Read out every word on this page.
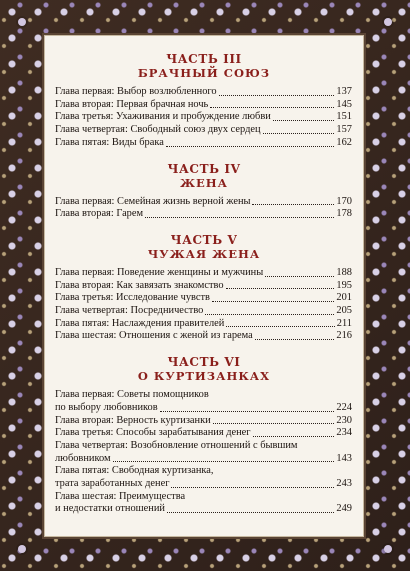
ЧАСТЬ III

БРАЧНЫЙ СОЮЗ

Глава первая: Выбор возлюбленного	137
Глава вторая: Первая брачная ночь	145
Глава третья: Ухаживания и пробуждение любви	151
Глава четвертая: Свободный союз двух сердец	157
Глава пятая: Виды брака	162

ЧАСТЬ IV

ЖЕНА

Глава первая: Семейная жизнь верной жены	170
Глава вторая: Гарем	178

ЧАСТЬ V

ЧУЖАЯ ЖЕНА

Глава первая: Поведение женщины и мужчины	188
Глава вторая: Как завязать знакомство	195
Глава третья: Исследование чувств	201
Глава четвертая: Посредничество	205
Глава пятая: Наслаждения правителей	211
Глава шестая: Отношения с женой из гарема	216

ЧАСТЬ VI

О КУРТИЗАНКАХ

Глава первая: Советы помощников
по выбору любовников	224
Глава вторая: Верность куртизанки	230
Глава третья: Способы зарабатывания денег	234
Глава четвертая: Возобновление отношений с бывшим
любовником	143
Глава пятая: Свободная куртизанка,
трата заработанных денег	243
Глава шестая: Преимущества
и недостатки отношений	249
